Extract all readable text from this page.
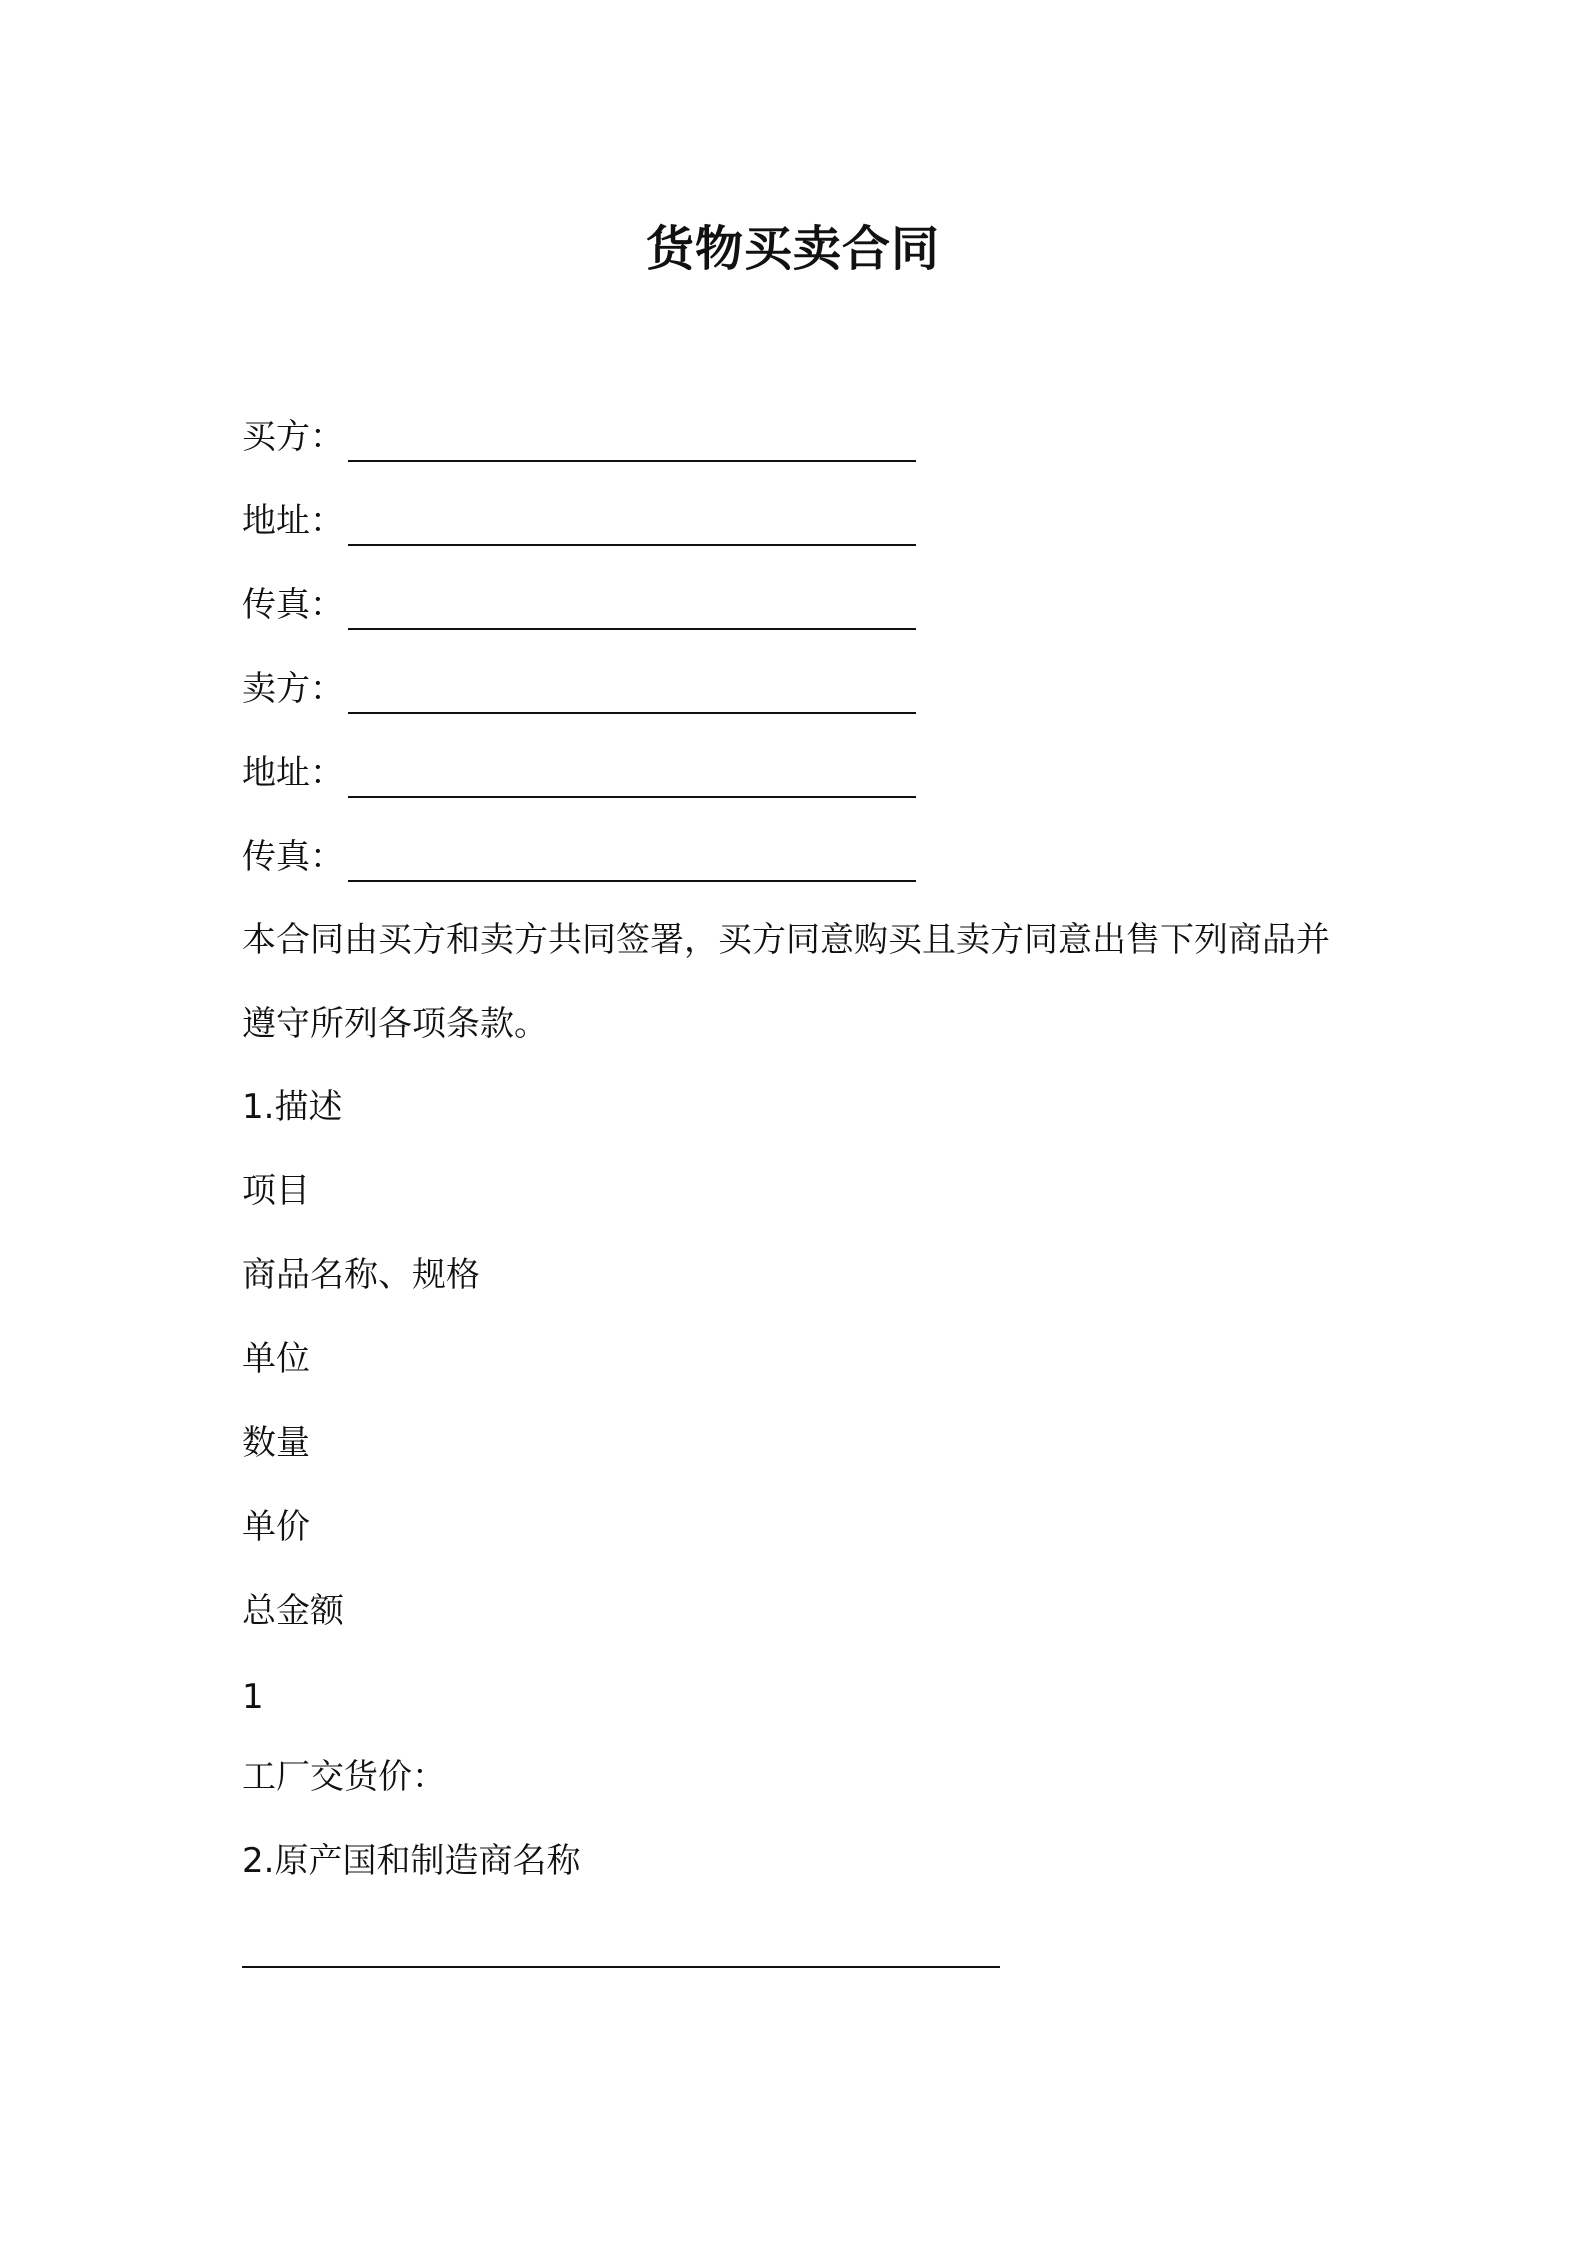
货物买卖合同
买方：
地址：
传真：
卖方：
地址：
传真：
本合同由买方和卖方共同签署，买方同意购买且卖方同意出售下列商品并遵守所列各项条款。
1.描述
项目
商品名称、规格
单位
数量
单价
总金额
1
工厂交货价：
2.原产国和制造商名称
